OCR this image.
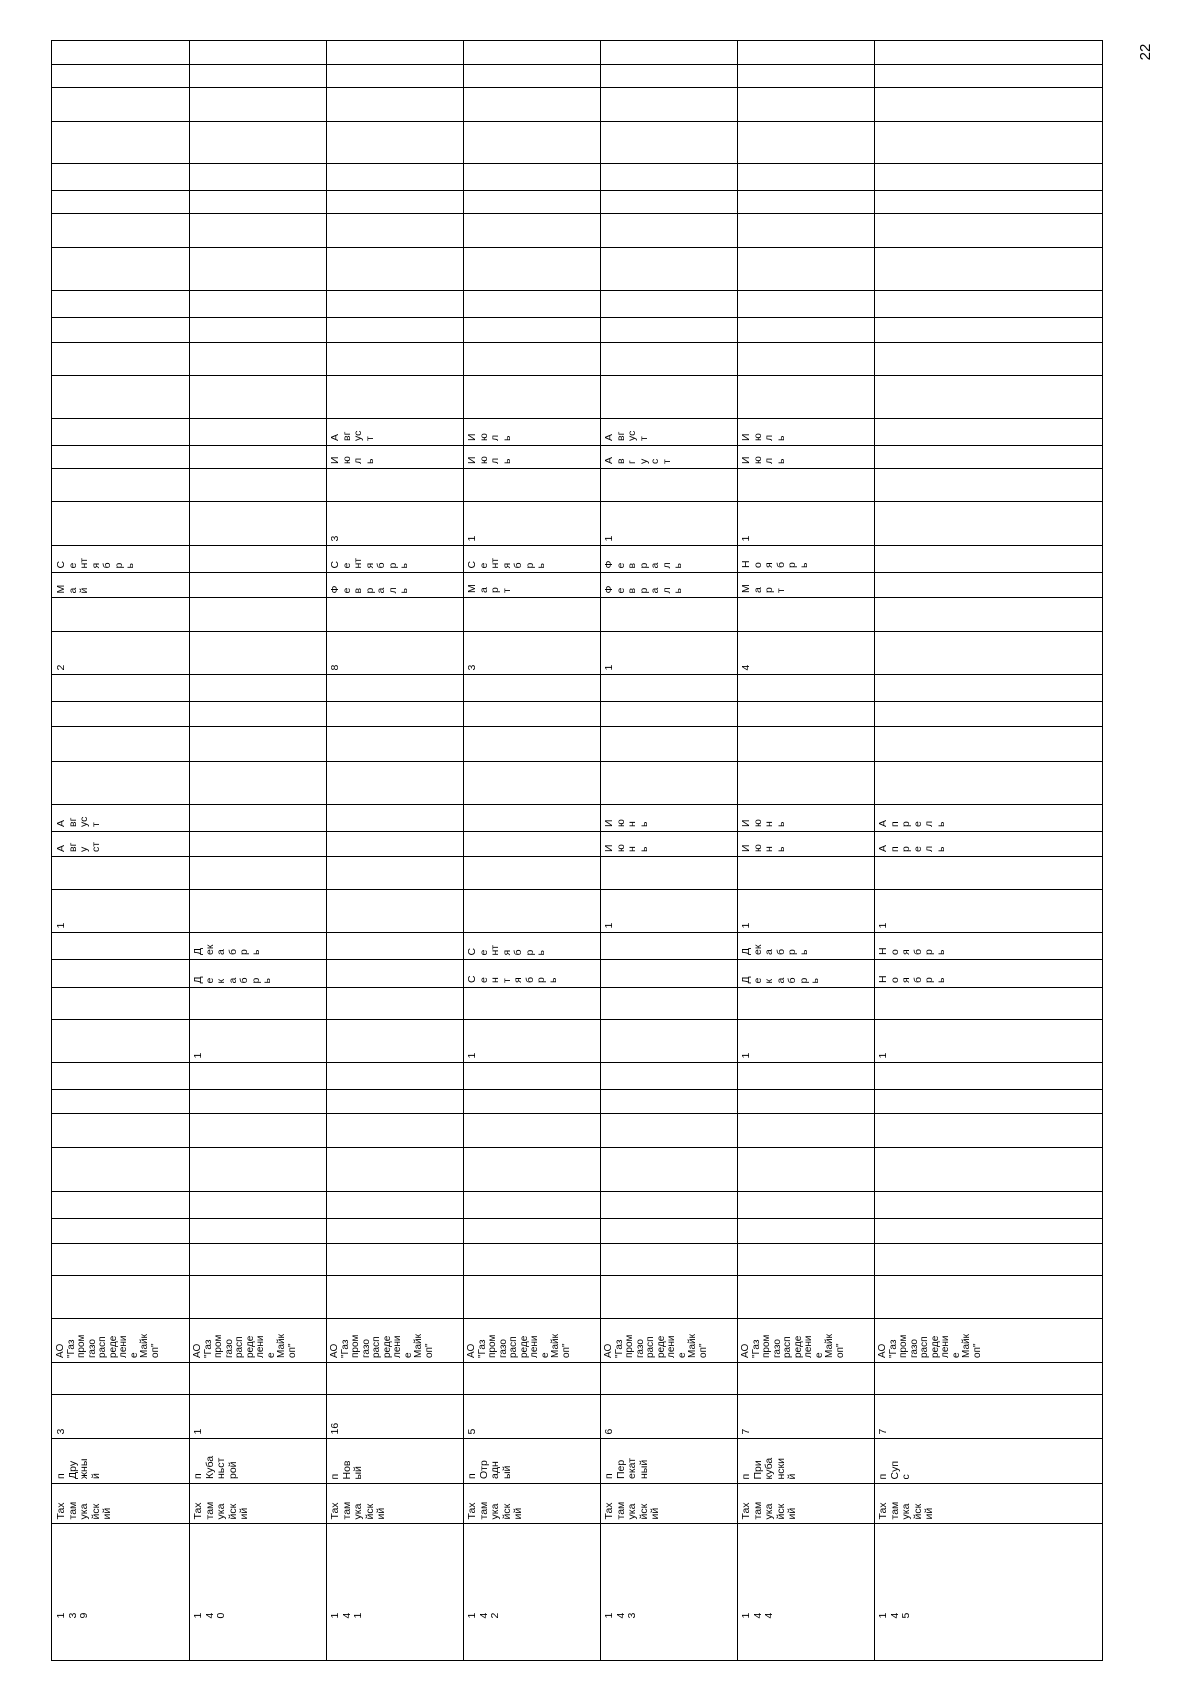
22
1
3
9
Тах
там
ука
йск
ий
п
Дру
жны
й
3
АО
"Газ
пром
газо
расп
реде
лени
е
Майк
оп"
1
А
вг
у
ст
А
вг
ус
т
2
М
а
й
С
е
нт
я
б
р
ь
1
4
0
Тах
там
ука
йск
ий
п
Куба
ньст
рой
1
АО
"Газ
пром
газо
расп
реде
лени
е
Майк
оп"
1
Д
е
к
а
б
р
ь
Д
ек
а
б
р
ь
1
4
1
Тах
там
ука
йск
ий
п
Нов
ый
16
АО
"Газ
пром
газо
расп
реде
лени
е
Майк
оп"
8
Ф
е
в
р
а
л
ь
С
е
нт
я
б
р
ь
3
И
ю
л
ь
А
вг
ус
т
1
4
2
Тах
там
ука
йск
ий
п
Отр
адн
ый
5
АО
"Газ
пром
газо
расп
реде
лени
е
Майк
оп"
1
С
е
н
т
я
б
р
ь
С
е
нт
я
б
р
ь
3
М
а
р
т
С
е
нт
я
б
р
ь
1
И
ю
л
ь
И
ю
л
ь
1
4
3
Тах
там
ука
йск
ий
п
Пер
екат
ный
6
АО
"Газ
пром
газо
расп
реде
лени
е
Майк
оп"
1
И
ю
н
ь
И
ю
н
ь
1
Ф
е
в
р
а
л
ь
Ф
е
в
р
а
л
ь
1
А
в
г
у
с
т
А
вг
ус
т
1
4
4
Тах
там
ука
йск
ий
п
При
куба
нски
й
7
АО
"Газ
пром
газо
расп
реде
лени
е
Майк
оп"
1
Д
е
к
а
б
р
ь
Д
ек
а
б
р
ь
1
И
ю
н
ь
И
ю
н
ь
4
М
а
р
т
Н
о
я
б
р
ь
1
И
ю
л
ь
И
ю
л
ь
1
4
5
Тах
там
ука
йск
ий
п
Суп
с
7
АО
"Газ
пром
газо
расп
реде
лени
е
Майк
оп"
1
Н
о
я
б
р
ь
Н
о
я
б
р
ь
1
А
п
р
е
л
ь
А
п
р
е
л
ь
